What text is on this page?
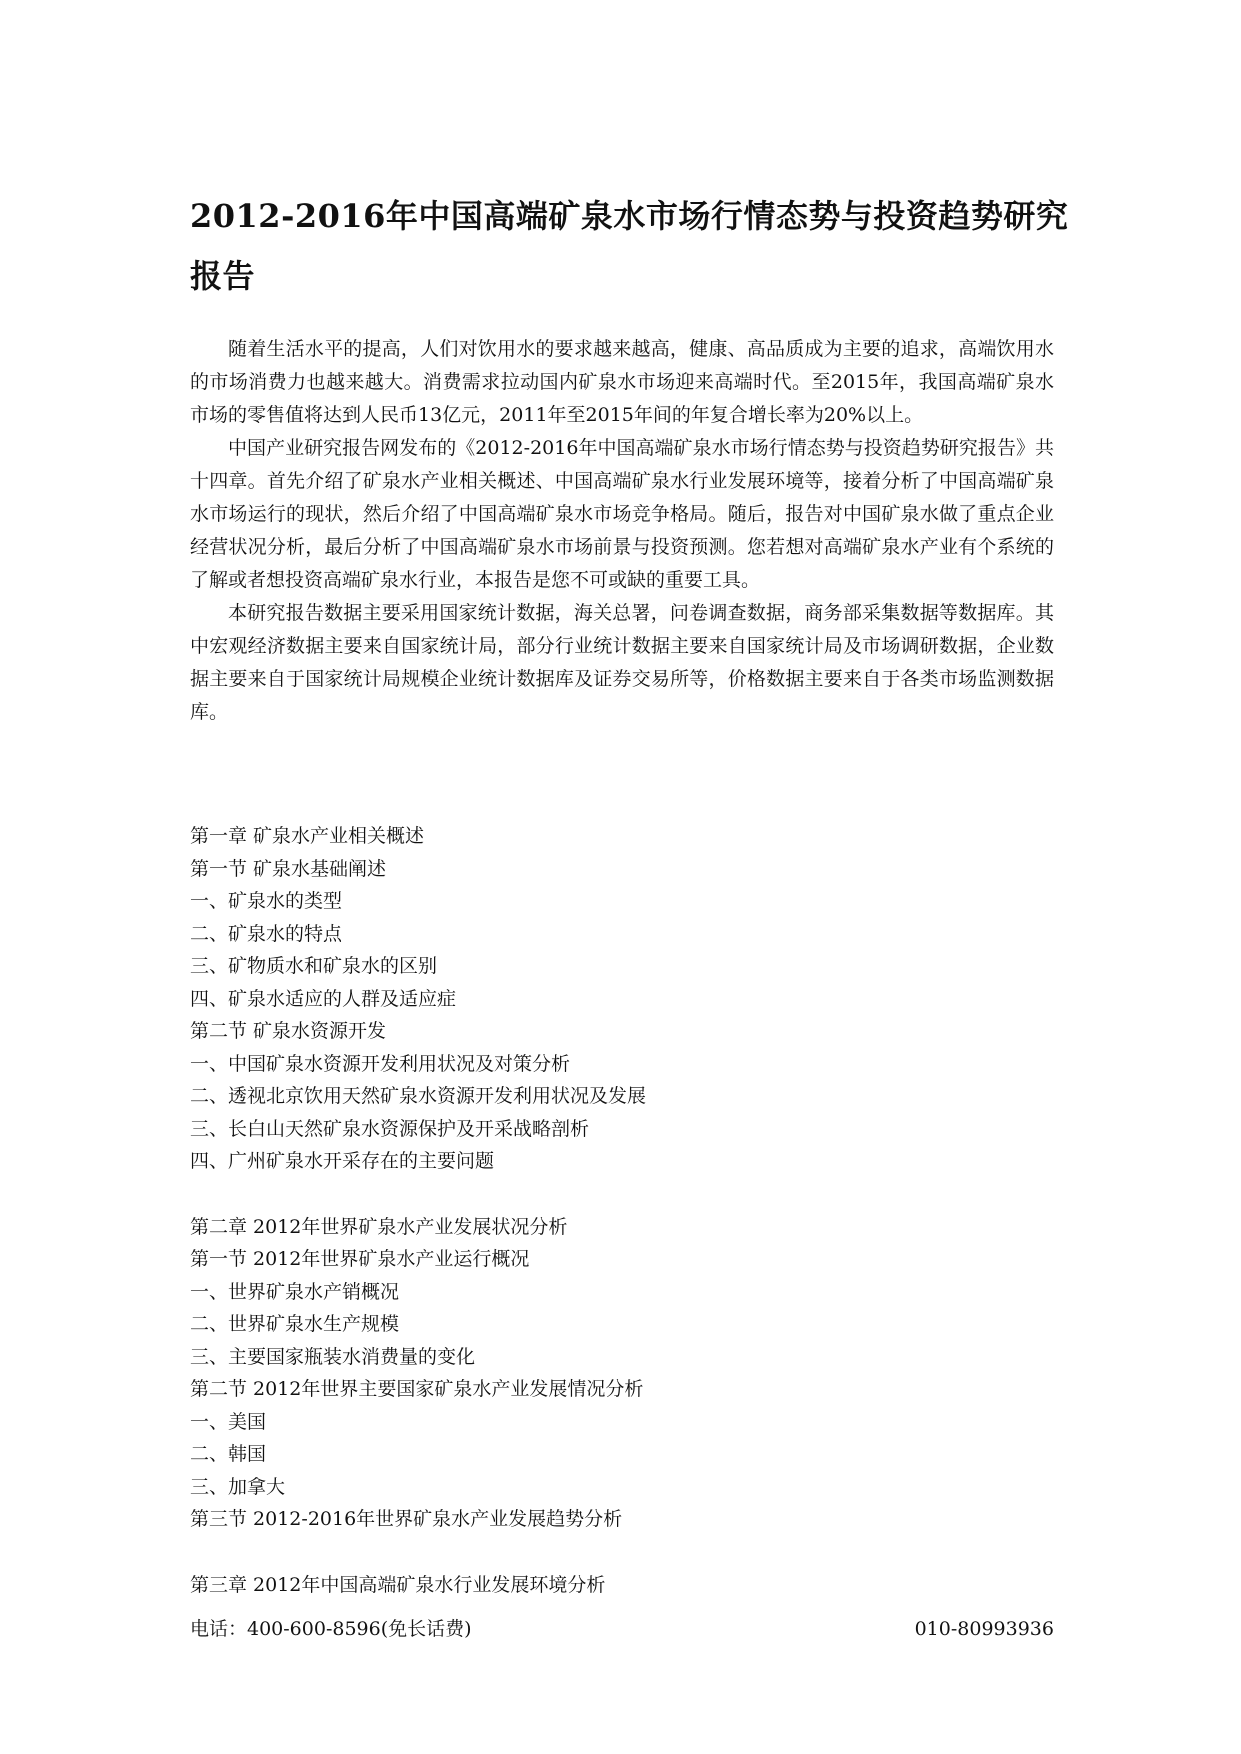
2012-2016年中国高端矿泉水市场行情态势与投资趋势研究报告

随着生活水平的提高，人们对饮用水的要求越来越高，健康、高品质成为主要的追求，高端饮用水的市场消费力也越来越大。消费需求拉动国内矿泉水市场迎来高端时代。至2015年，我国高端矿泉水市场的零售值将达到人民币13亿元，2011年至2015年间的年复合增长率为20%以上。

中国产业研究报告网发布的《2012-2016年中国高端矿泉水市场行情态势与投资趋势研究报告》共十四章。首先介绍了矿泉水产业相关概述、中国高端矿泉水行业发展环境等，接着分析了中国高端矿泉水市场运行的现状，然后介绍了中国高端矿泉水市场竞争格局。随后，报告对中国矿泉水做了重点企业经营状况分析，最后分析了中国高端矿泉水市场前景与投资预测。您若想对高端矿泉水产业有个系统的了解或者想投资高端矿泉水行业，本报告是您不可或缺的重要工具。

本研究报告数据主要采用国家统计数据，海关总署，问卷调查数据，商务部采集数据等数据库。其中宏观经济数据主要来自国家统计局，部分行业统计数据主要来自国家统计局及市场调研数据，企业数据主要来自于国家统计局规模企业统计数据库及证券交易所等，价格数据主要来自于各类市场监测数据库。

第一章 矿泉水产业相关概述
第一节 矿泉水基础阐述
一、矿泉水的类型
二、矿泉水的特点
三、矿物质水和矿泉水的区别
四、矿泉水适应的人群及适应症
第二节 矿泉水资源开发
一、中国矿泉水资源开发利用状况及对策分析
二、透视北京饮用天然矿泉水资源开发利用状况及发展
三、长白山天然矿泉水资源保护及开采战略剖析
四、广州矿泉水开采存在的主要问题
第二章 2012年世界矿泉水产业发展状况分析
第一节 2012年世界矿泉水产业运行概况
一、世界矿泉水产销概况
二、世界矿泉水生产规模
三、主要国家瓶装水消费量的变化
第二节 2012年世界主要国家矿泉水产业发展情况分析
一、美国
二、韩国
三、加拿大
第三节 2012-2016年世界矿泉水产业发展趋势分析
第三章 2012年中国高端矿泉水行业发展环境分析
电话：400-600-8596(免长话费)	010-80993936
